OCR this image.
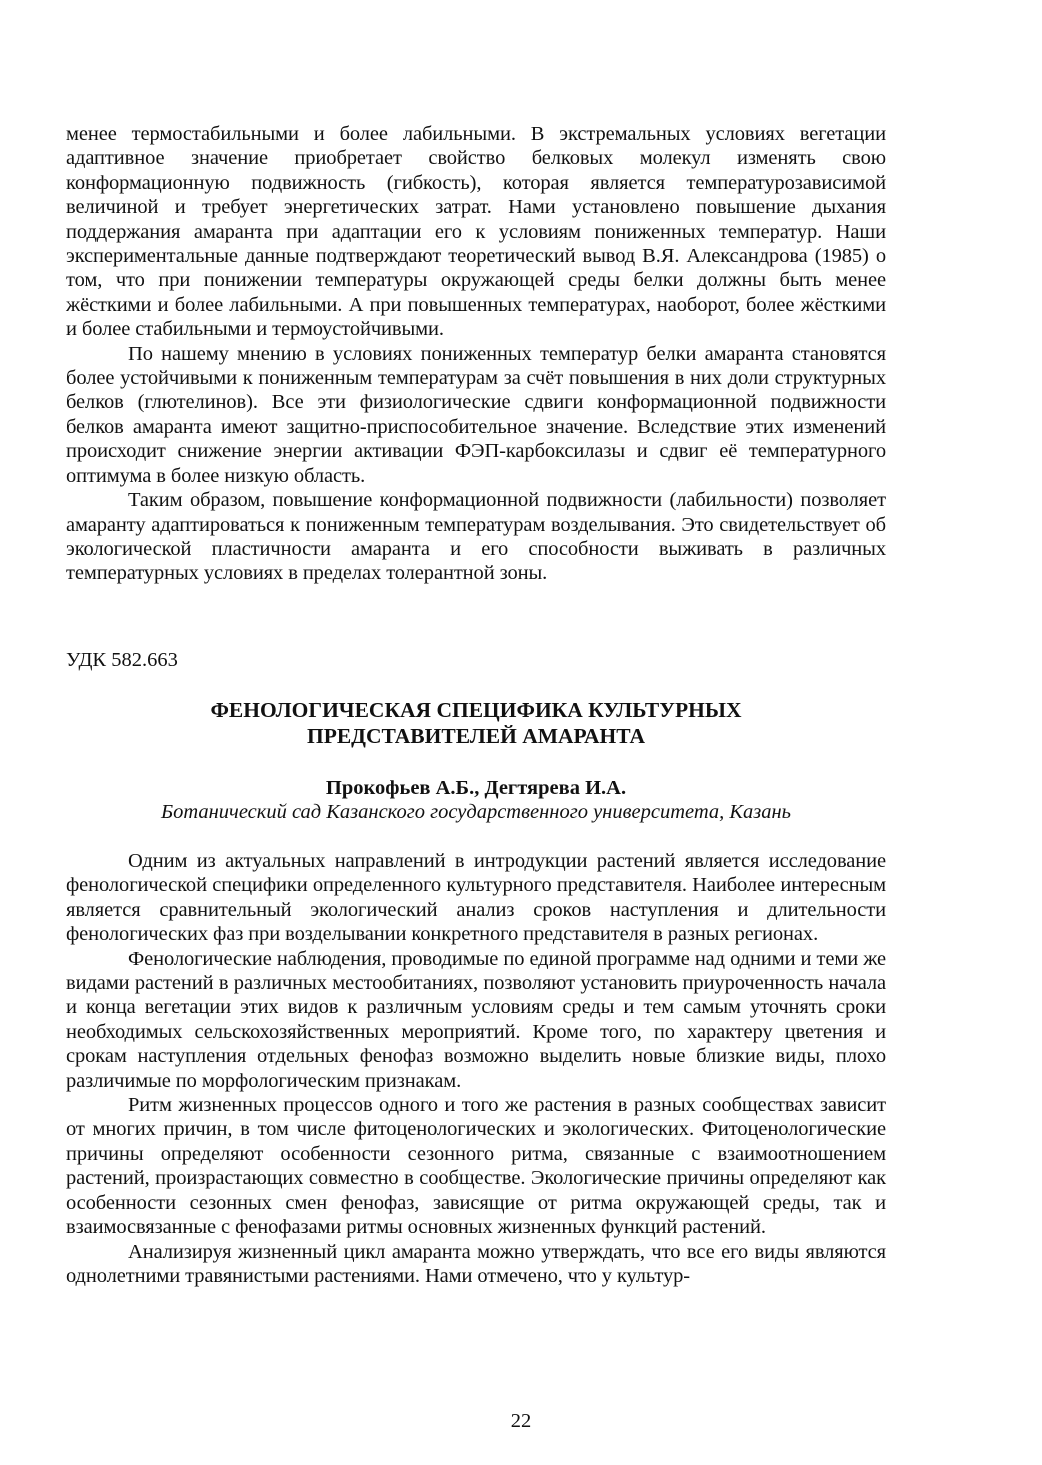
менее термостабильными и более лабильными. В экстремальных условиях вегетации адаптивное значение приобретает свойство белковых молекул изменять свою конформационную подвижность (гибкость), которая является температурозависимой величиной и требует энергетических затрат. Нами установлено повышение дыхания поддержания амаранта при адаптации его к условиям пониженных температур. Наши экспериментальные данные подтверждают теоретический вывод В.Я. Александрова (1985) о том, что при понижении температуры окружающей среды белки должны быть менее жёсткими и более лабильными. А при повышенных температурах, наоборот, более жёсткими и более стабильными и термоустойчивыми.

По нашему мнению в условиях пониженных температур белки амаранта становятся более устойчивыми к пониженным температурам за счёт повышения в них доли структурных белков (глютелинов). Все эти физиологические сдвиги конформационной подвижности белков амаранта имеют защитно-приспособительное значение. Вследствие этих изменений происходит снижение энергии активации ФЭП-карбоксилазы и сдвиг её температурного оптимума в более низкую область.

Таким образом, повышение конформационной подвижности (лабильности) позволяет амаранту адаптироваться к пониженным температурам возделывания. Это свидетельствует об экологической пластичности амаранта и его способности выживать в различных температурных условиях в пределах толерантной зоны.

УДК 582.663

ФЕНОЛОГИЧЕСКАЯ СПЕЦИФИКА КУЛЬТУРНЫХ
ПРЕДСТАВИТЕЛЕЙ АМАРАНТА

Прокофьев А.Б., Дегтярева И.А.

Ботанический сад Казанского государственного университета, Казань

Одним из актуальных направлений в интродукции растений является исследование фенологической специфики определенного культурного представителя. Наиболее интересным является сравнительный экологический анализ сроков наступления и длительности фенологических фаз при возделывании конкретного представителя в разных регионах.

Фенологические наблюдения, проводимые по единой программе над одними и теми же видами растений в различных местообитаниях, позволяют установить приуроченность начала и конца вегетации этих видов к различным условиям среды и тем самым уточнять сроки необходимых сельскохозяйственных мероприятий. Кроме того, по характеру цветения и срокам наступления отдельных фенофаз возможно выделить новые близкие виды, плохо различимые по морфологическим признакам.

Ритм жизненных процессов одного и того же растения в разных сообществах зависит от многих причин, в том числе фитоценологических и экологических. Фитоценологические причины определяют особенности сезонного ритма, связанные с взаимоотношением растений, произрастающих совместно в сообществе. Экологические причины определяют как особенности сезонных смен фенофаз, зависящие от ритма окружающей среды, так и взаимосвязанные с фенофазами ритмы основных жизненных функций растений.

Анализируя жизненный цикл амаранта можно утверждать, что все его виды являются однолетними травянистыми растениями. Нами отмечено, что у культур-

22
